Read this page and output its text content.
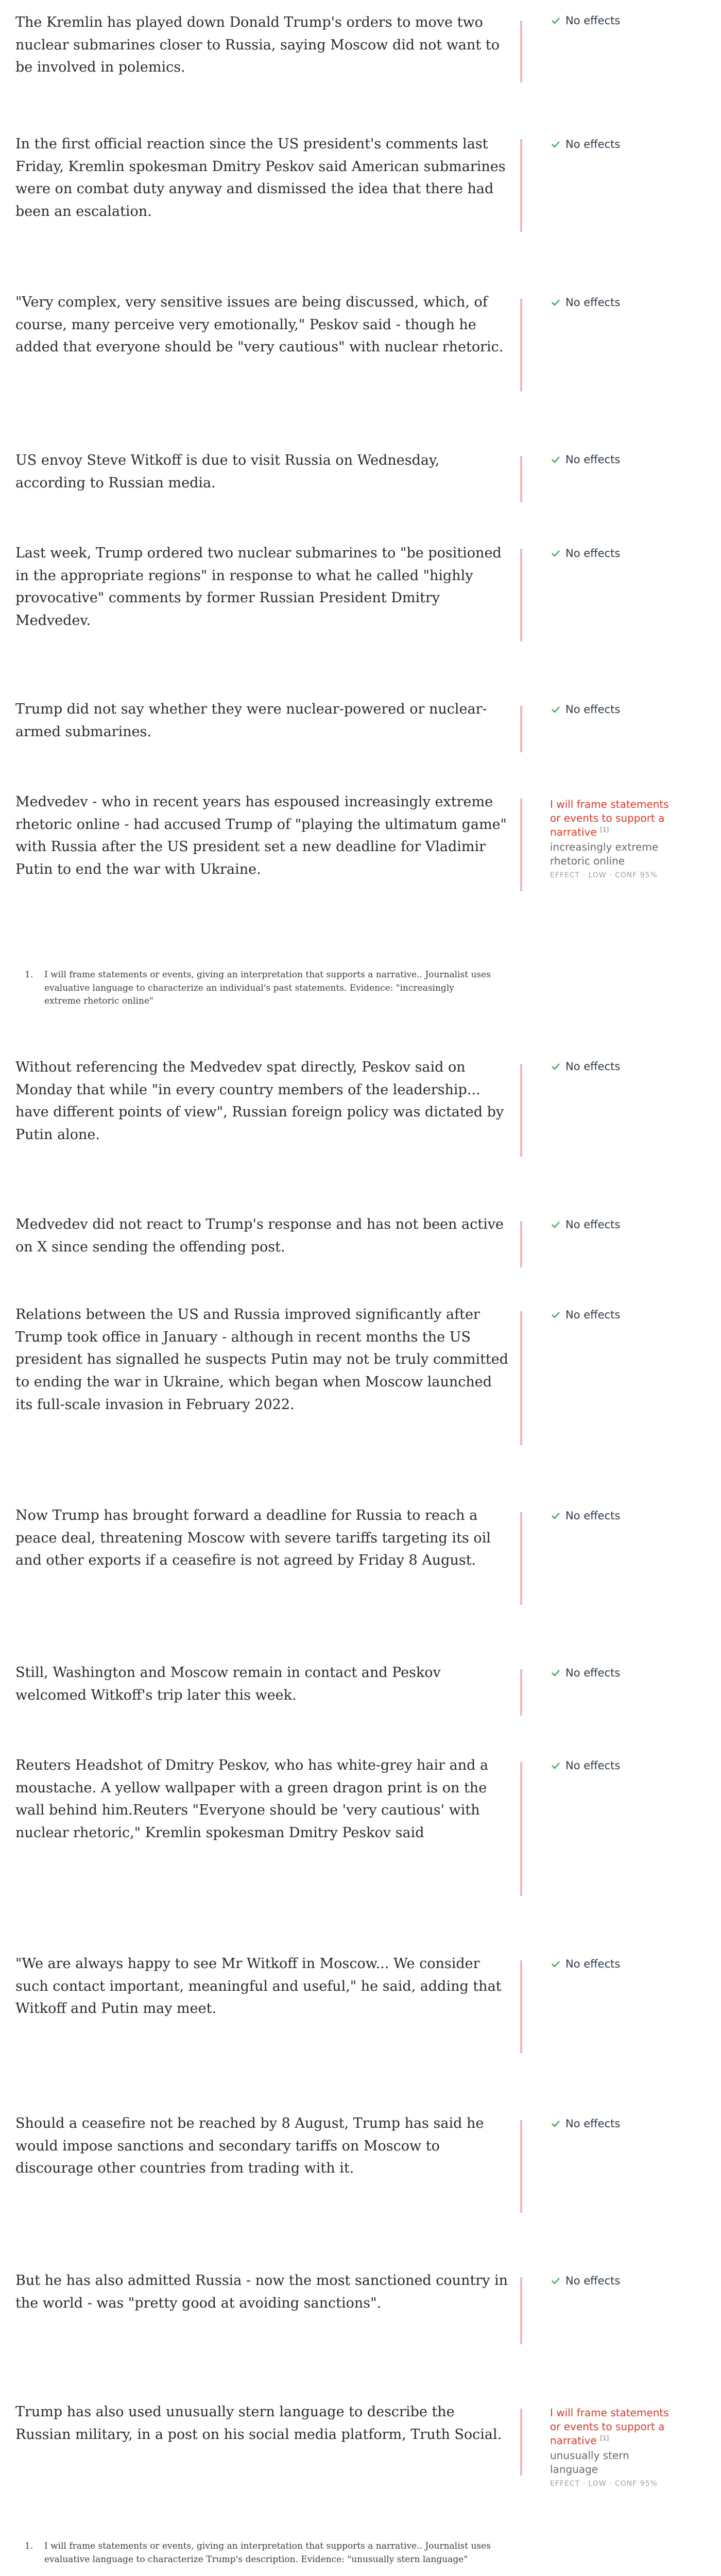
The Kremlin has played down Donald Trump's orders to move two nuclear submarines closer to Russia, saying Moscow did not want to be involved in polemics.

No effects

In the first official reaction since the US president's comments last Friday, Kremlin spokesman Dmitry Peskov said American submarines were on combat duty anyway and dismissed the idea that there had been an escalation.

No effects

"Very complex, very sensitive issues are being discussed, which, of course, many perceive very emotionally," Peskov said - though he added that everyone should be "very cautious" with nuclear rhetoric.

No effects

US envoy Steve Witkoff is due to visit Russia on Wednesday, according to Russian media.

No effects

Last week, Trump ordered two nuclear submarines to "be positioned in the appropriate regions" in response to what he called "highly provocative" comments by former Russian President Dmitry Medvedev.

No effects

Trump did not say whether they were nuclear-powered or nuclear-armed submarines.

No effects

Medvedev - who in recent years has espoused increasingly extreme rhetoric online - had accused Trump of "playing the ultimatum game" with Russia after the US president set a new deadline for Vladimir Putin to end the war with Ukraine.

I will frame statements or events to support a narrative [1]
increasingly extreme rhetoric online
EFFECT · LOW · CONF 95%
1.	I will frame statements or events, giving an interpretation that supports a narrative.. Journalist uses evaluative language to characterize an individual's past statements. Evidence: "increasingly extreme rhetoric online"

Without referencing the Medvedev spat directly, Peskov said on Monday that while "in every country members of the leadership... have different points of view", Russian foreign policy was dictated by Putin alone.

No effects

Medvedev did not react to Trump's response and has not been active on X since sending the offending post.

No effects

Relations between the US and Russia improved significantly after Trump took office in January - although in recent months the US president has signalled he suspects Putin may not be truly committed to ending the war in Ukraine, which began when Moscow launched its full-scale invasion in February 2022.

No effects

Now Trump has brought forward a deadline for Russia to reach a peace deal, threatening Moscow with severe tariffs targeting its oil and other exports if a ceasefire is not agreed by Friday 8 August.

No effects

Still, Washington and Moscow remain in contact and Peskov welcomed Witkoff's trip later this week.

No effects

Reuters Headshot of Dmitry Peskov, who has white-grey hair and a moustache. A yellow wallpaper with a green dragon print is on the wall behind him.Reuters "Everyone should be 'very cautious' with nuclear rhetoric," Kremlin spokesman Dmitry Peskov said

No effects

"We are always happy to see Mr Witkoff in Moscow... We consider such contact important, meaningful and useful," he said, adding that Witkoff and Putin may meet.

No effects

Should a ceasefire not be reached by 8 August, Trump has said he would impose sanctions and secondary tariffs on Moscow to discourage other countries from trading with it.

No effects

But he has also admitted Russia - now the most sanctioned country in the world - was "pretty good at avoiding sanctions".

No effects

Trump has also used unusually stern language to describe the Russian military, in a post on his social media platform, Truth Social.

I will frame statements or events to support a narrative [1]
unusually stern language
EFFECT · LOW · CONF 95%
1.	I will frame statements or events, giving an interpretation that supports a narrative.. Journalist uses evaluative language to characterize Trump's description. Evidence: "unusually stern language"
